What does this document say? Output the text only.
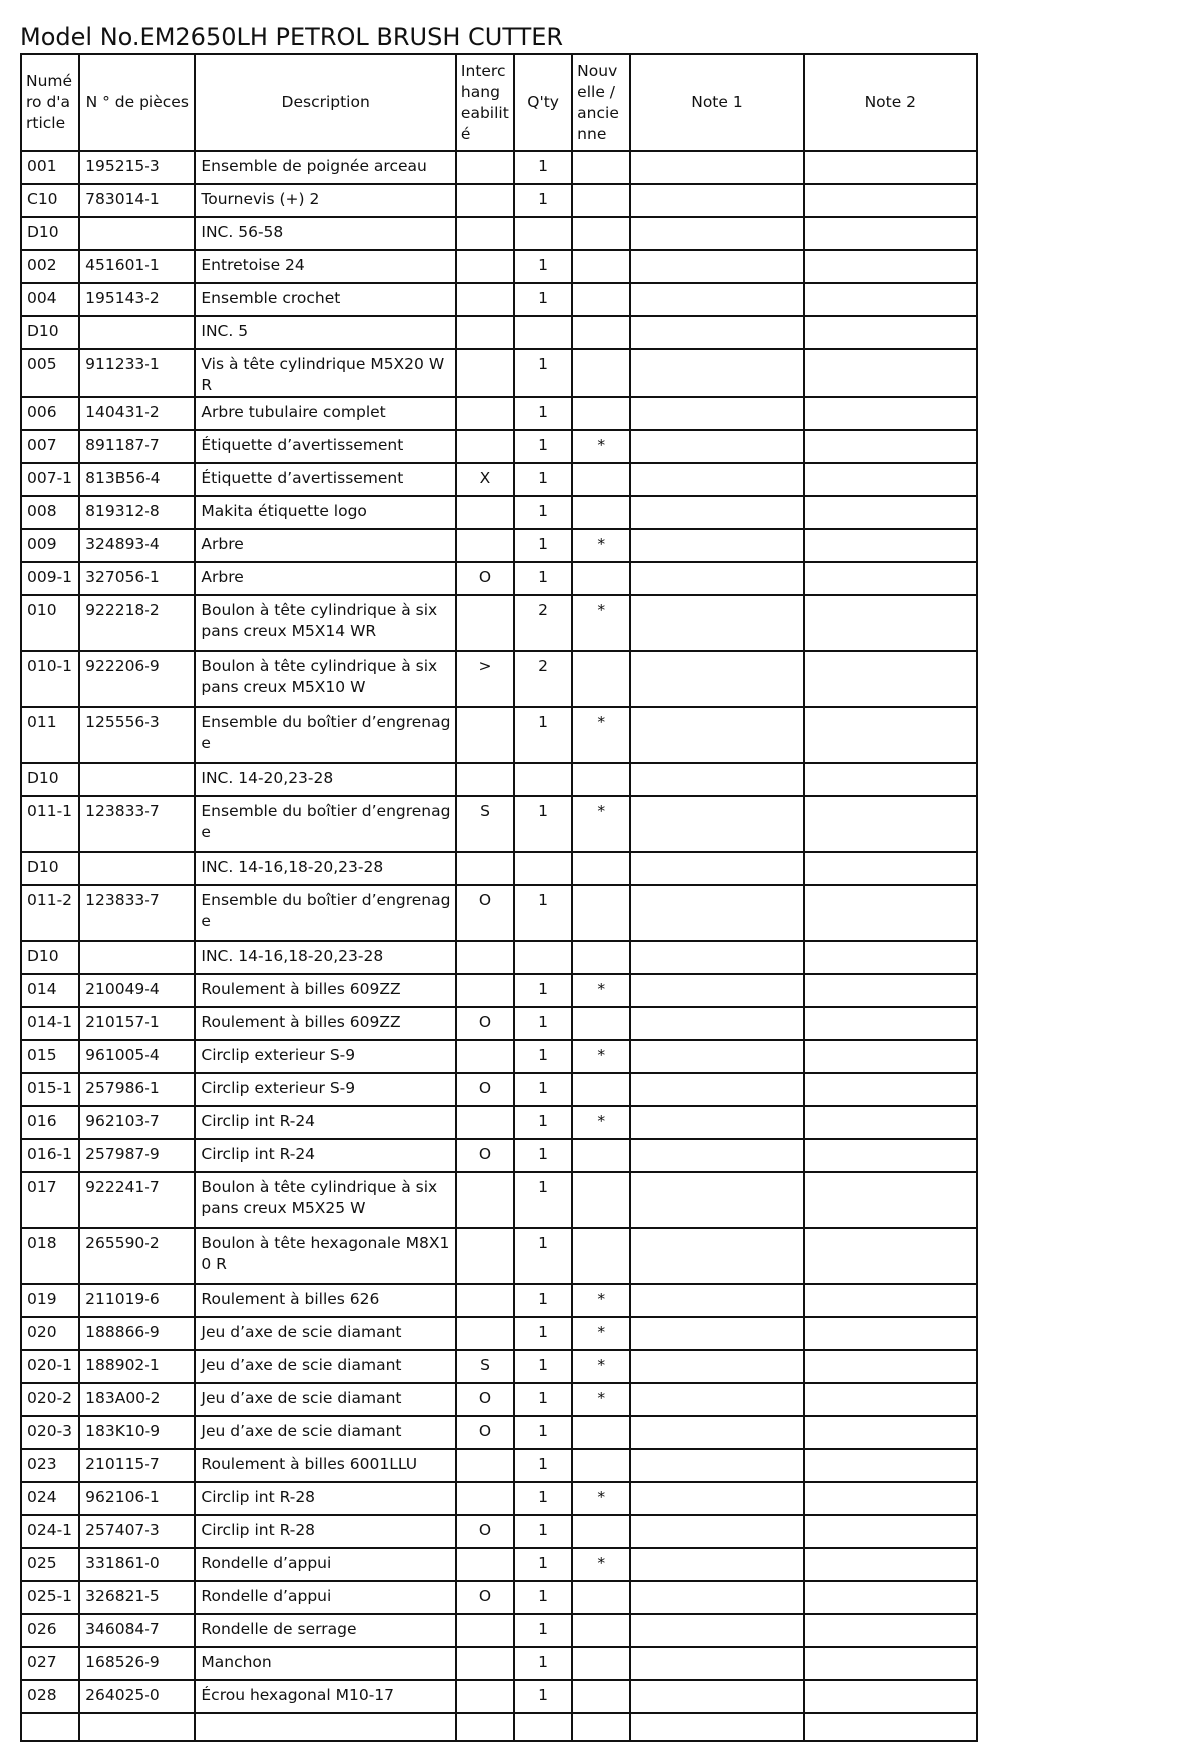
Model No.EM2650LH PETROL BRUSH CUTTER
Numéro d'article	N ° de pièces	Description	Interchangeabilité	Q'ty	Nouvelle / ancienne	Note 1	Note 2
001	195215-3	Ensemble de poignée arceau		1			
C10	783014-1	Tournevis (+) 2		1			
D10		INC. 56-58					
002	451601-1	Entretoise 24		1			
004	195143-2	Ensemble crochet		1			
D10		INC. 5					
005	911233-1	Vis à tête cylindrique M5X20 WR		1			
006	140431-2	Arbre tubulaire complet		1			
007	891187-7	Étiquette d’avertissement		1	*		
007-1	813B56-4	Étiquette d’avertissement	X	1			
008	819312-8	Makita étiquette logo		1			
009	324893-4	Arbre		1	*		
009-1	327056-1	Arbre	O	1			
010	922218-2	Boulon à tête cylindrique à six pans creux M5X14 WR		2	*		
010-1	922206-9	Boulon à tête cylindrique à six pans creux M5X10 W	>	2			
011	125556-3	Ensemble du boîtier d’engrenage		1	*		
D10		INC. 14-20,23-28					
011-1	123833-7	Ensemble du boîtier d’engrenage	S	1	*		
D10		INC. 14-16,18-20,23-28					
011-2	123833-7	Ensemble du boîtier d’engrenage	O	1			
D10		INC. 14-16,18-20,23-28					
014	210049-4	Roulement à billes 609ZZ		1	*		
014-1	210157-1	Roulement à billes 609ZZ	O	1			
015	961005-4	Circlip exterieur S-9		1	*		
015-1	257986-1	Circlip exterieur S-9	O	1			
016	962103-7	Circlip int R-24		1	*		
016-1	257987-9	Circlip int R-24	O	1			
017	922241-7	Boulon à tête cylindrique à six pans creux M5X25 W		1			
018	265590-2	Boulon à tête hexagonale M8X10 R		1			
019	211019-6	Roulement à billes 626		1	*		
020	188866-9	Jeu d’axe de scie diamant		1	*		
020-1	188902-1	Jeu d’axe de scie diamant	S	1	*		
020-2	183A00-2	Jeu d’axe de scie diamant	O	1	*		
020-3	183K10-9	Jeu d’axe de scie diamant	O	1			
023	210115-7	Roulement à billes 6001LLU		1			
024	962106-1	Circlip int R-28		1	*		
024-1	257407-3	Circlip int R-28	O	1			
025	331861-0	Rondelle d’appui		1	*		
025-1	326821-5	Rondelle d’appui	O	1			
026	346084-7	Rondelle de serrage		1			
027	168526-9	Manchon		1			
028	264025-0	Écrou hexagonal M10-17		1			
